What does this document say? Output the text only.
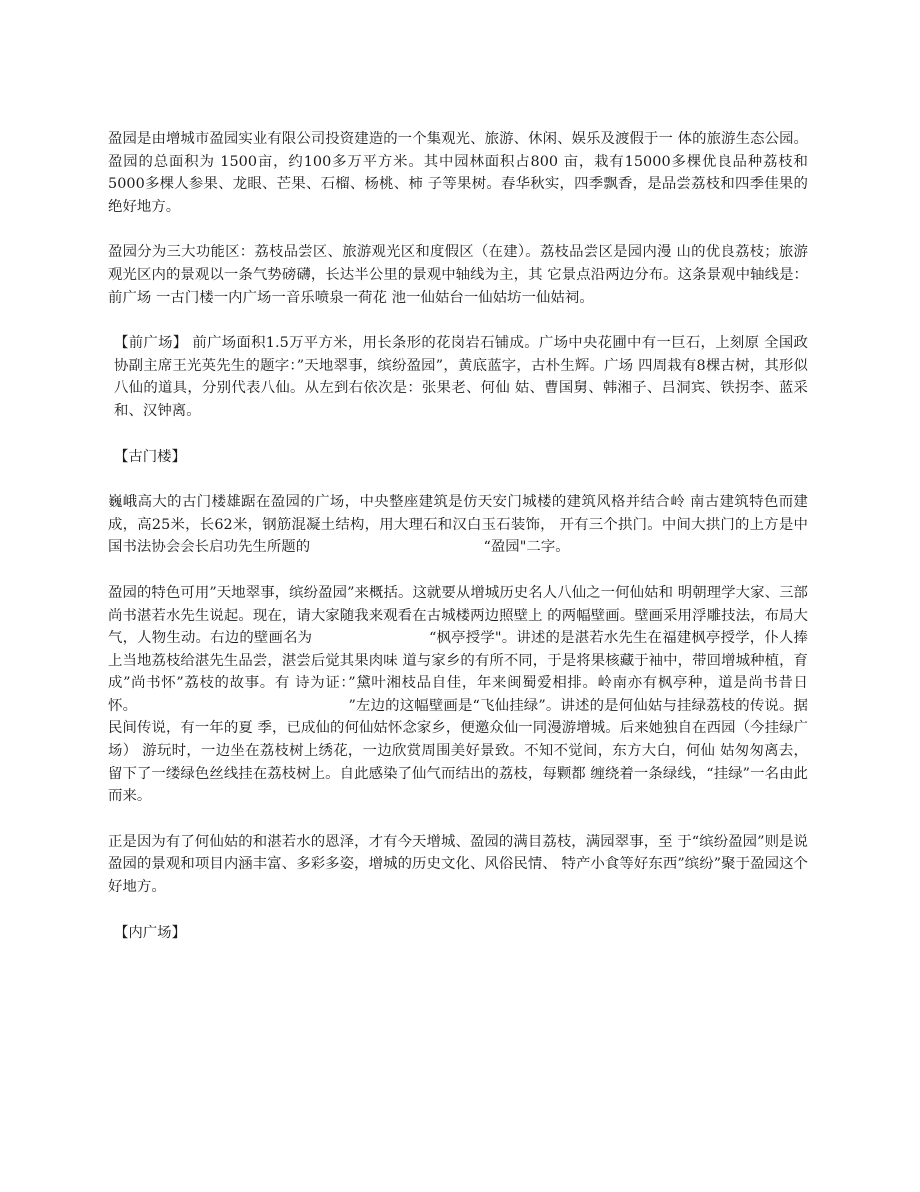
盈园是由增城市盈园实业有限公司投资建造的一个集观光、旅游、休闲、娱乐及渡假于一 体的旅游生态公园。盈园的总面积为 1500亩，约100多万平方米。其中园林面积占800 亩，栽有15000多棵优良品种荔枝和5000多棵人参果、龙眼、芒果、石榴、杨桃、柿 子等果树。春华秋实，四季飘香，是品尝荔枝和四季佳果的绝好地方。

盈园分为三大功能区：荔枝品尝区、旅游观光区和度假区（在建）。荔枝品尝区是园内漫 山的优良荔枝；旅游观光区内的景观以一条气势磅礴，长达半公里的景观中轴线为主，其 它景点沿两边分布。这条景观中轴线是：前广场 一古门楼一内广场一音乐喷泉一荷花 池一仙姑台一仙姑坊一仙姑祠。

【前广场】 前广场面积1.5万平方米，用长条形的花岗岩石铺成。广场中央花圃中有一巨石，上刻原 全国政协副主席王光英先生的题字：”天地翠事，缤纷盈园”，黄底蓝字，古朴生辉。广场 四周栽有8棵古树，其形似八仙的道具，分别代表八仙。从左到右依次是：张果老、何仙 姑、曹国舅、韩湘子、吕洞宾、铁拐李、蓝采和、汉钟离。

【古门楼】

巍峨高大的古门楼雄踞在盈园的广场，中央整座建筑是仿天安门城楼的建筑风格并结合岭 南古建筑特色而建成，高25米，长62米，钢筋混凝土结构，用大理石和汉白玉石装饰， 开有三个拱门。中间大拱门的上方是中国书法协会会长启功先生所题的　　　　　　　　　　　　“盈园"二字。

盈园的特色可用”天地翠事，缤纷盈园”来概括。这就要从增城历史名人八仙之一何仙姑和 明朝理学大家、三部尚书湛若水先生说起。现在，请大家随我来观看在古城楼两边照壁上 的两幅壁画。壁画采用浮雕技法，布局大气，人物生动。右边的壁画名为　　　　　　　　“枫亭授学"。讲述的是湛若水先生在福建枫亭授学，仆人捧上当地荔枝给湛先生品尝，湛尝后觉其果肉味 道与家乡的有所不同，于是将果核藏于袖中，带回增城种植，育成”尚书怀”荔枝的故事。有 诗为证：”黛叶湘枝品自佳，年来闽蜀爱相排。岭南亦有枫亭种，道是尚书昔日怀。　　　　　　　　　　　　　　　”左边的这幅壁画是“飞仙挂绿”。讲述的是何仙姑与挂绿荔枝的传说。据民间传说，有一年的夏 季，已成仙的何仙姑怀念家乡，便邀众仙一同漫游增城。后来她独自在西园（今挂绿广场） 游玩时，一边坐在荔枝树上绣花，一边欣赏周围美好景致。不知不觉间，东方大白，何仙 姑匆匆离去，留下了一缕绿色丝线挂在荔枝树上。自此感染了仙气而结出的荔枝，每颗都 缠绕着一条绿线，“挂绿”一名由此而来。

正是因为有了何仙姑的和湛若水的恩泽，才有今天增城、盈园的满目荔枝，满园翠事，至 于“缤纷盈园”则是说盈园的景观和项目内涵丰富、多彩多姿，增城的历史文化、风俗民情、 特产小食等好东西”缤纷”聚于盈园这个好地方。

【内广场】
